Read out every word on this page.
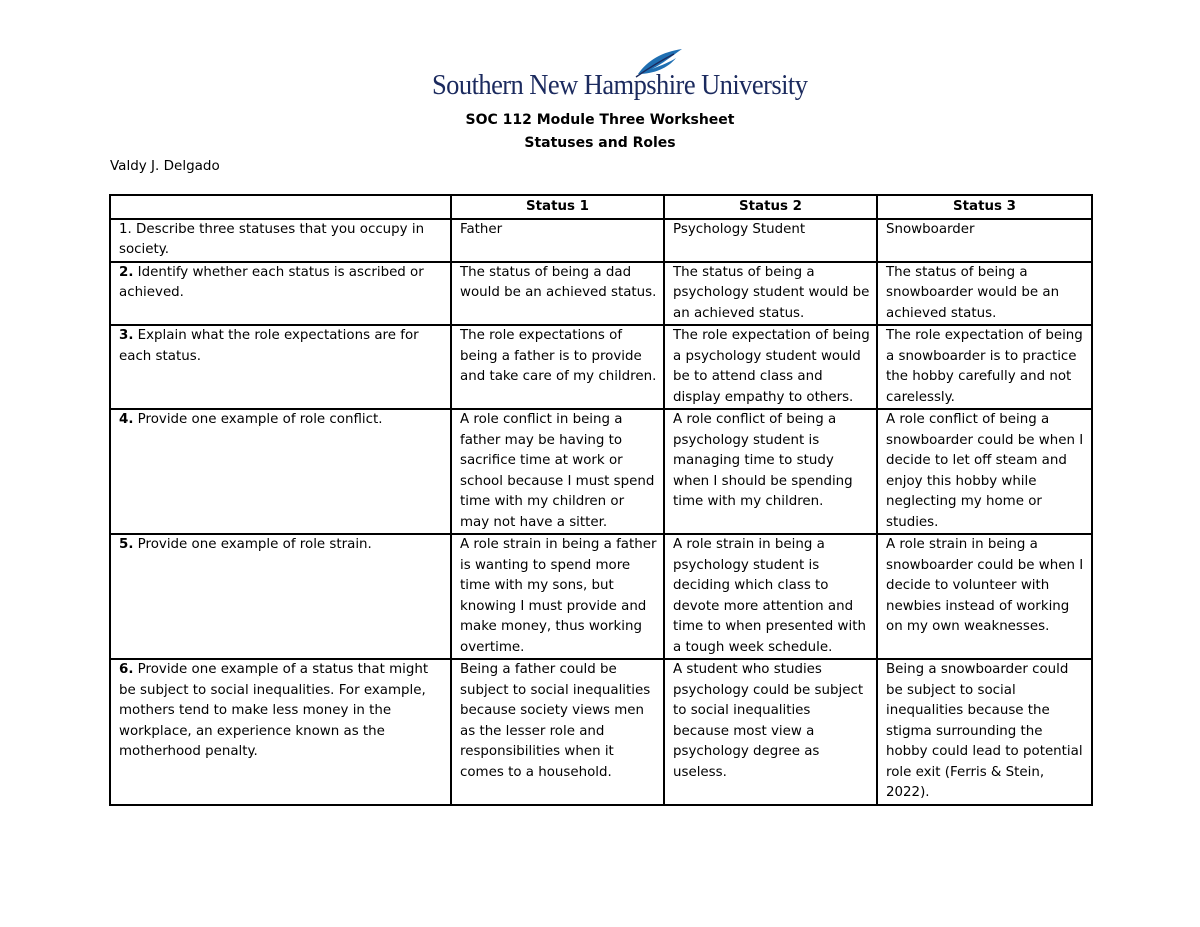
Southern New Hampshire University
SOC 112 Module Three Worksheet
Statuses and Roles
Valdy J. Delgado
	Status 1	Status 2	Status 3
1. Describe three statuses that you occupy in society.	Father	Psychology Student	Snowboarder
2. Identify whether each status is ascribed or achieved.	The status of being a dad would be an achieved status.	The status of being a psychology student would be an achieved status.	The status of being a snowboarder would be an achieved status.
3. Explain what the role expectations are for each status.	The role expectations of being a father is to provide and take care of my children.	The role expectation of being a psychology student would be to attend class and display empathy to others.	The role expectation of being a snowboarder is to practice the hobby carefully and not carelessly.
4. Provide one example of role conflict.	A role conflict in being a father may be having to sacrifice time at work or school because I must spend time with my children or may not have a sitter.	A role conflict of being a psychology student is managing time to study when I should be spending time with my children.	A role conflict of being a snowboarder could be when I decide to let off steam and enjoy this hobby while neglecting my home or studies.
5. Provide one example of role strain.	A role strain in being a father is wanting to spend more time with my sons, but knowing I must provide and make money, thus working overtime.	A role strain in being a psychology student is deciding which class to devote more attention and time to when presented with a tough week schedule.	A role strain in being a snowboarder could be when I decide to volunteer with newbies instead of working on my own weaknesses.
6. Provide one example of a status that might be subject to social inequalities. For example, mothers tend to make less money in the workplace, an experience known as the motherhood penalty.	Being a father could be subject to social inequalities because society views men as the lesser role and responsibilities when it comes to a household.	A student who studies psychology could be subject to social inequalities because most view a psychology degree as useless.	Being a snowboarder could be subject to social inequalities because the stigma surrounding the hobby could lead to potential role exit (Ferris & Stein, 2022).
